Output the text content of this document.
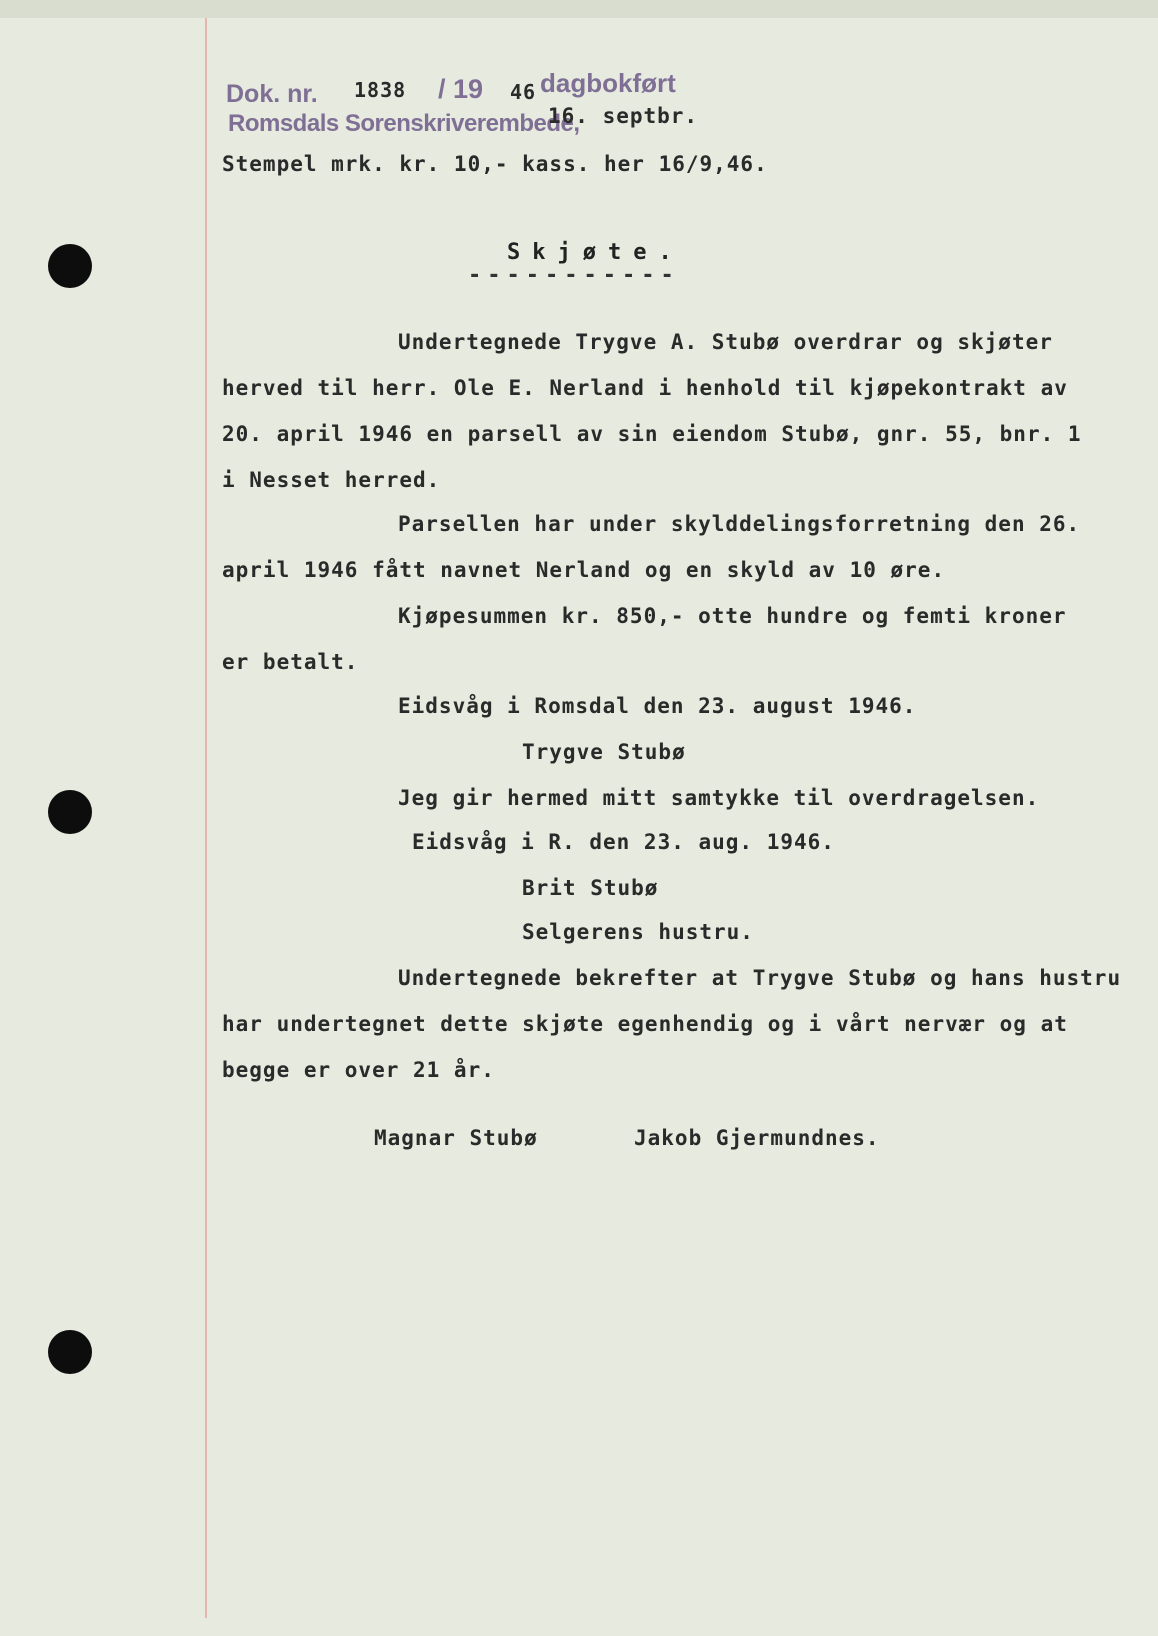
Dok. nr. 1838 / 19 46 dagbokført
Romsdals Sorenskriverembede,
16. septbr.
Stempel mrk. kr. 10,- kass. her 16/9,46.
Skjøte.
-----------
Undertegnede Trygve A. Stubø overdrar og skjøter
herved til herr. Ole E. Nerland i henhold til kjøpekontrakt av
20. april 1946 en parsell av sin eiendom Stubø, gnr. 55, bnr. 1
i Nesset herred.
Parsellen har under skylddelingsforretning den 26.
april 1946 fått navnet Nerland og en skyld av 10 øre.
Kjøpesummen kr. 850,- otte hundre og femti kroner
er betalt.
Eidsvåg i Romsdal den 23. august 1946.
Trygve Stubø
Jeg gir hermed mitt samtykke til overdragelsen.
Eidsvåg i R. den 23. aug. 1946.
Brit Stubø
Selgerens hustru.
Undertegnede bekrefter at Trygve Stubø og hans hustru
har undertegnet dette skjøte egenhendig og i vårt nervær og at
begge er over 21 år.
Magnar Stubø	Jakob Gjermundnes.
